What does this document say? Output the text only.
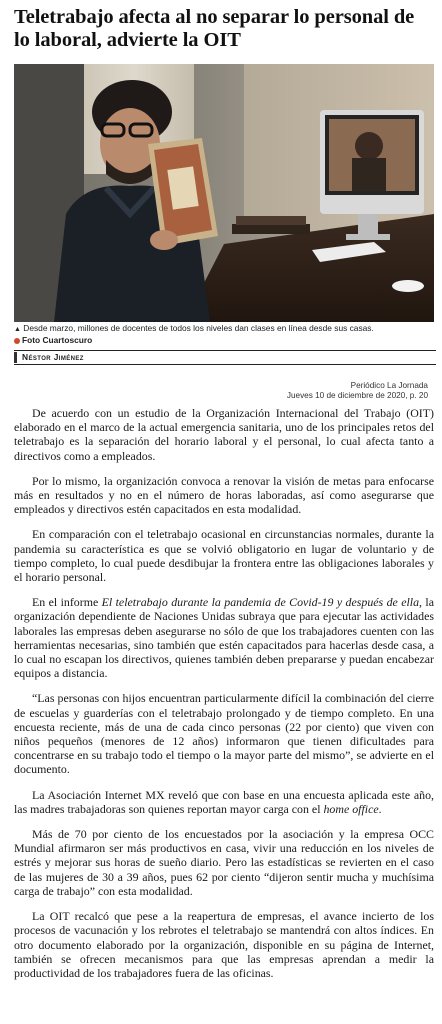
Teletrabajo afecta al no separar lo personal de lo laboral, advierte la OIT
▲ Desde marzo, millones de docentes de todos los niveles dan clases en línea desde sus casas.
Foto Cuartoscuro
Néstor Jiménez
Periódico La Jornada
Jueves 10 de diciembre de 2020, p. 20

De acuerdo con un estudio de la Organización Internacional del Trabajo (OIT) elaborado en el marco de la actual emergencia sanitaria, uno de los principales retos del teletrabajo es la separación del horario laboral y el personal, lo cual afecta tanto a directivos como a empleados.

Por lo mismo, la organización convoca a renovar la visión de metas para enfocarse más en resultados y no en el número de horas laboradas, así como asegurarse que empleados y directivos estén capacitados en esta modalidad.

En comparación con el teletrabajo ocasional en circunstancias normales, durante la pandemia su característica es que se volvió obligatorio en lugar de voluntario y de tiempo completo, lo cual puede desdibujar la frontera entre las obligaciones laborales y el horario personal.

En el informe El teletrabajo durante la pandemia de Covid-19 y después de ella, la organización dependiente de Naciones Unidas subraya que para ejecutar las actividades laborales las empresas deben asegurarse no sólo de que los trabajadores cuenten con las herramientas necesarias, sino también que estén capacitados para hacerlas desde casa, a lo cual no escapan los directivos, quienes también deben prepararse y puedan encabezar equipos a distancia.

“Las personas con hijos encuentran particularmente difícil la combinación del cierre de escuelas y guarderías con el teletrabajo prolongado y de tiempo completo. En una encuesta reciente, más de una de cada cinco personas (22 por ciento) que viven con niños pequeños (menores de 12 años) informaron que tienen dificultades para concentrarse en su trabajo todo el tiempo o la mayor parte del mismo”, se advierte en el documento.

La Asociación Internet MX reveló que con base en una encuesta aplicada este año, las madres trabajadoras son quienes reportan mayor carga con el home office.

Más de 70 por ciento de los encuestados por la asociación y la empresa OCC Mundial afirmaron ser más productivos en casa, vivir una reducción en los niveles de estrés y mejorar sus horas de sueño diario. Pero las estadísticas se revierten en el caso de las mujeres de 30 a 39 años, pues 62 por ciento “dijeron sentir mucha y muchísima carga de trabajo” con esta modalidad.

La OIT recalcó que pese a la reapertura de empresas, el avance incierto de los procesos de vacunación y los rebrotes el teletrabajo se mantendrá con altos índices. En otro documento elaborado por la organización, disponible en su página de Internet, también se ofrecen mecanismos para que las empresas aprendan a medir la productividad de los trabajadores fuera de las oficinas.
